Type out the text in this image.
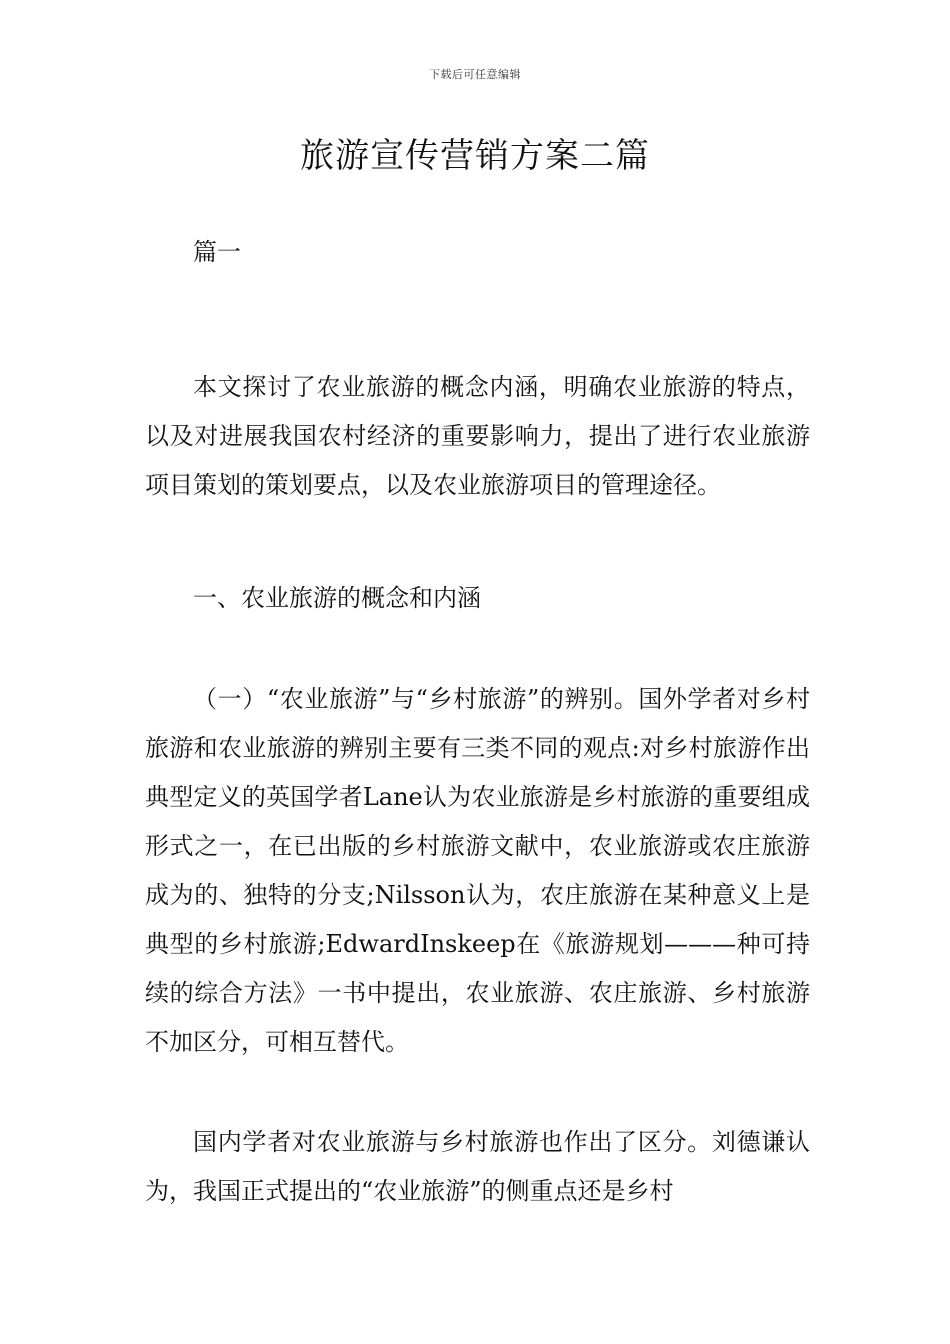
下载后可任意编辑
旅游宣传营销方案二篇

篇一

本文探讨了农业旅游的概念内涵，明确农业旅游的特点，以及对进展我国农村经济的重要影响力，提出了进行农业旅游项目策划的策划要点，以及农业旅游项目的管理途径。

一、农业旅游的概念和内涵

（一）“农业旅游”与“乡村旅游”的辨别。国外学者对乡村旅游和农业旅游的辨别主要有三类不同的观点:对乡村旅游作出典型定义的英国学者Lane认为农业旅游是乡村旅游的重要组成形式之一，在已出版的乡村旅游文献中，农业旅游或农庄旅游成为的、独特的分支;Nilsson认为，农庄旅游在某种意义上是典型的乡村旅游;EdwardInskeep在《旅游规划———种可持续的综合方法》一书中提出，农业旅游、农庄旅游、乡村旅游不加区分，可相互替代。

国内学者对农业旅游与乡村旅游也作出了区分。刘德谦认为，我国正式提出的“农业旅游”的侧重点还是乡村
